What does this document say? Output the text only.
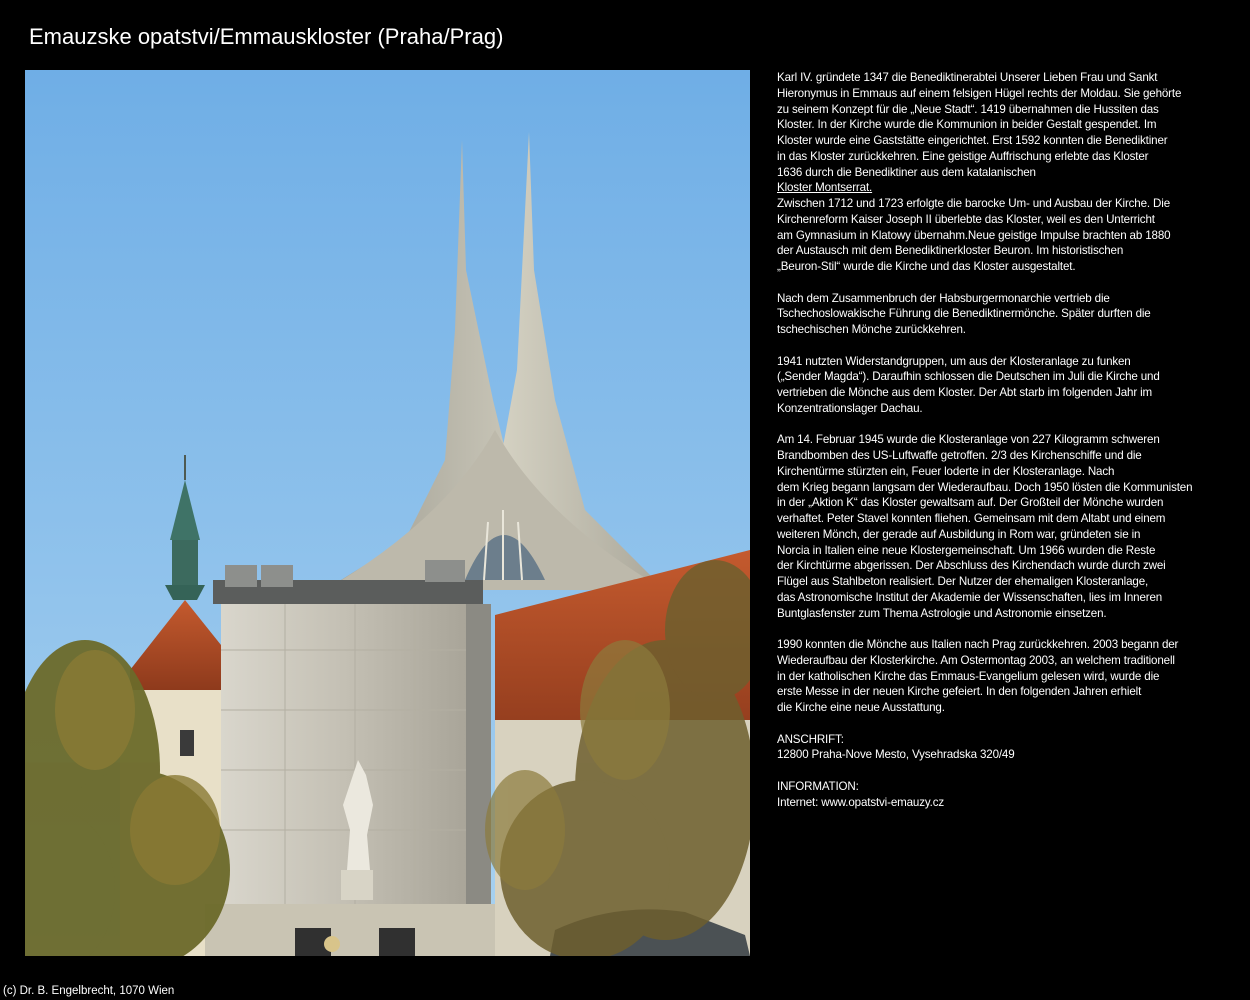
Emauzske opatstvi/Emmauskloster (Praha/Prag)

Karl IV. gründete 1347 die Benediktinerabtei Unserer Lieben Frau und Sankt
Hieronymus in Emmaus auf einem felsigen Hügel rechts der Moldau. Sie gehörte
zu seinem Konzept für die „Neue Stadt“. 1419 übernahmen die Hussiten das
Kloster. In der Kirche wurde die Kommunion in beider Gestalt gespendet. Im
Kloster wurde eine Gaststätte eingerichtet. Erst 1592 konnten die Benediktiner
in das Kloster zurückkehren. Eine geistige Auffrischung erlebte das Kloster
1636 durch die Benediktiner aus dem katalanischen
Kloster Montserrat.
Zwischen 1712 und 1723 erfolgte die barocke Um- und Ausbau der Kirche. Die
Kirchenreform Kaiser Joseph II überlebte das Kloster, weil es den Unterricht
am Gymnasium in Klatowy übernahm.Neue geistige Impulse brachten ab 1880
der Austausch mit dem Benediktinerkloster Beuron. Im historistischen
„Beuron-Stil“ wurde die Kirche und das Kloster ausgestaltet.

Nach dem Zusammenbruch der Habsburgermonarchie vertrieb die
Tschechoslowakische Führung die Benediktinermönche. Später durften die
tschechischen Mönche zurückkehren.

1941 nutzten Widerstandgruppen, um aus der Klosteranlage zu funken
(„Sender Magda“). Daraufhin schlossen die Deutschen im Juli die Kirche und
vertrieben die Mönche aus dem Kloster. Der Abt starb im folgenden Jahr im
Konzentrationslager Dachau.

Am 14. Februar 1945 wurde die Klosteranlage von 227 Kilogramm schweren
Brandbomben des US-Luftwaffe getroffen. 2/3 des Kirchenschiffe und die
Kirchentürme stürzten ein, Feuer loderte in der Klosteranlage. Nach
dem Krieg begann langsam der Wiederaufbau. Doch 1950 lösten die Kommunisten
in der „Aktion K“ das Kloster gewaltsam auf. Der Großteil der Mönche wurden
verhaftet. Peter Stavel konnten fliehen. Gemeinsam mit dem Altabt und einem
weiteren Mönch, der gerade auf Ausbildung in Rom war, gründeten sie in
Norcia in Italien eine neue Klostergemeinschaft. Um 1966 wurden die Reste
der Kirchtürme abgerissen. Der Abschluss des Kirchendach wurde durch zwei
Flügel aus Stahlbeton realisiert. Der Nutzer der ehemaligen Klosteranlage,
das Astronomische Institut der Akademie der Wissenschaften, lies im Inneren
Buntglasfenster zum Thema Astrologie und Astronomie einsetzen.

1990 konnten die Mönche aus Italien nach Prag zurückkehren. 2003 begann der
Wiederaufbau der Klosterkirche. Am Ostermontag 2003, an welchem traditionell
in der katholischen Kirche das Emmaus-Evangelium gelesen wird, wurde die
erste Messe in der neuen Kirche gefeiert. In den folgenden Jahren erhielt
die Kirche eine neue Ausstattung.

ANSCHRIFT:
12800 Praha-Nove Mesto, Vysehradska 320/49

INFORMATION:
Internet: www.opatstvi-emauzy.cz

(c) Dr. B. Engelbrecht, 1070 Wien
